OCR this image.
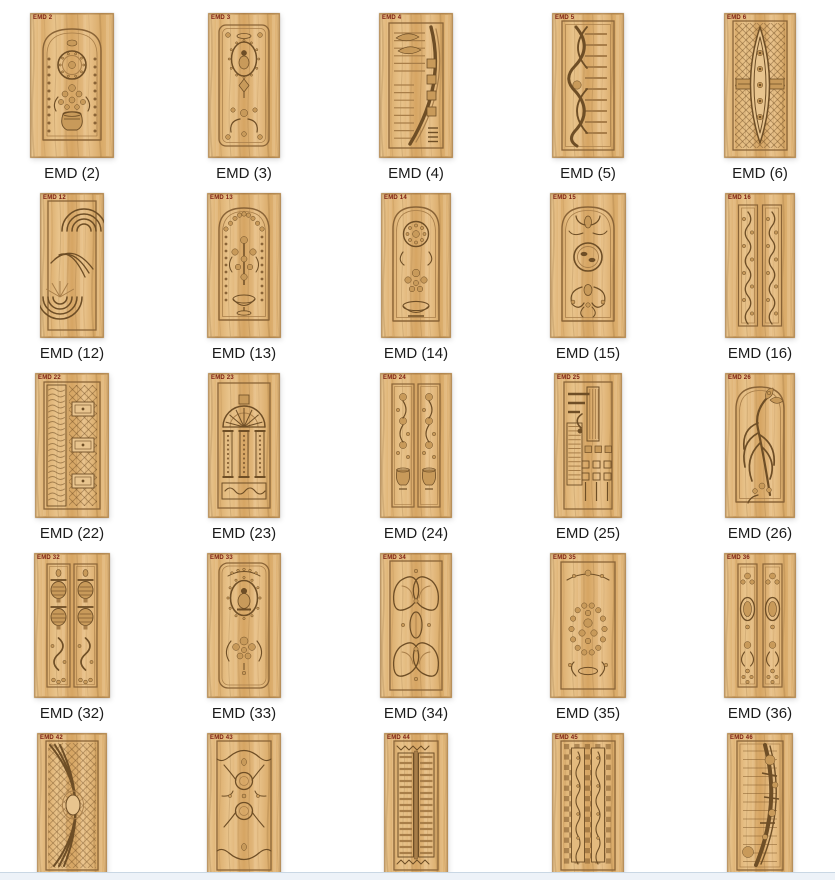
EMD 2
EMD (2)
EMD 3
EMD (3)
EMD 4
EMD (4)
EMD 5
EMD (5)
EMD 6
EMD (6)
EMD 12
EMD (12)
EMD 13
EMD (13)
EMD 14
EMD (14)
EMD 15
EMD (15)
EMD 16
EMD (16)
EMD 22
EMD (22)
EMD 23
EMD (23)
EMD 24
EMD (24)
EMD 25
EMD (25)
EMD 26
EMD (26)
EMD 32
EMD (32)
EMD 33
EMD (33)
EMD 34
EMD (34)
EMD 35
EMD (35)
EMD 36
EMD (36)
EMD 42	EMD 43	EMD 44	EMD 45	EMD 46
